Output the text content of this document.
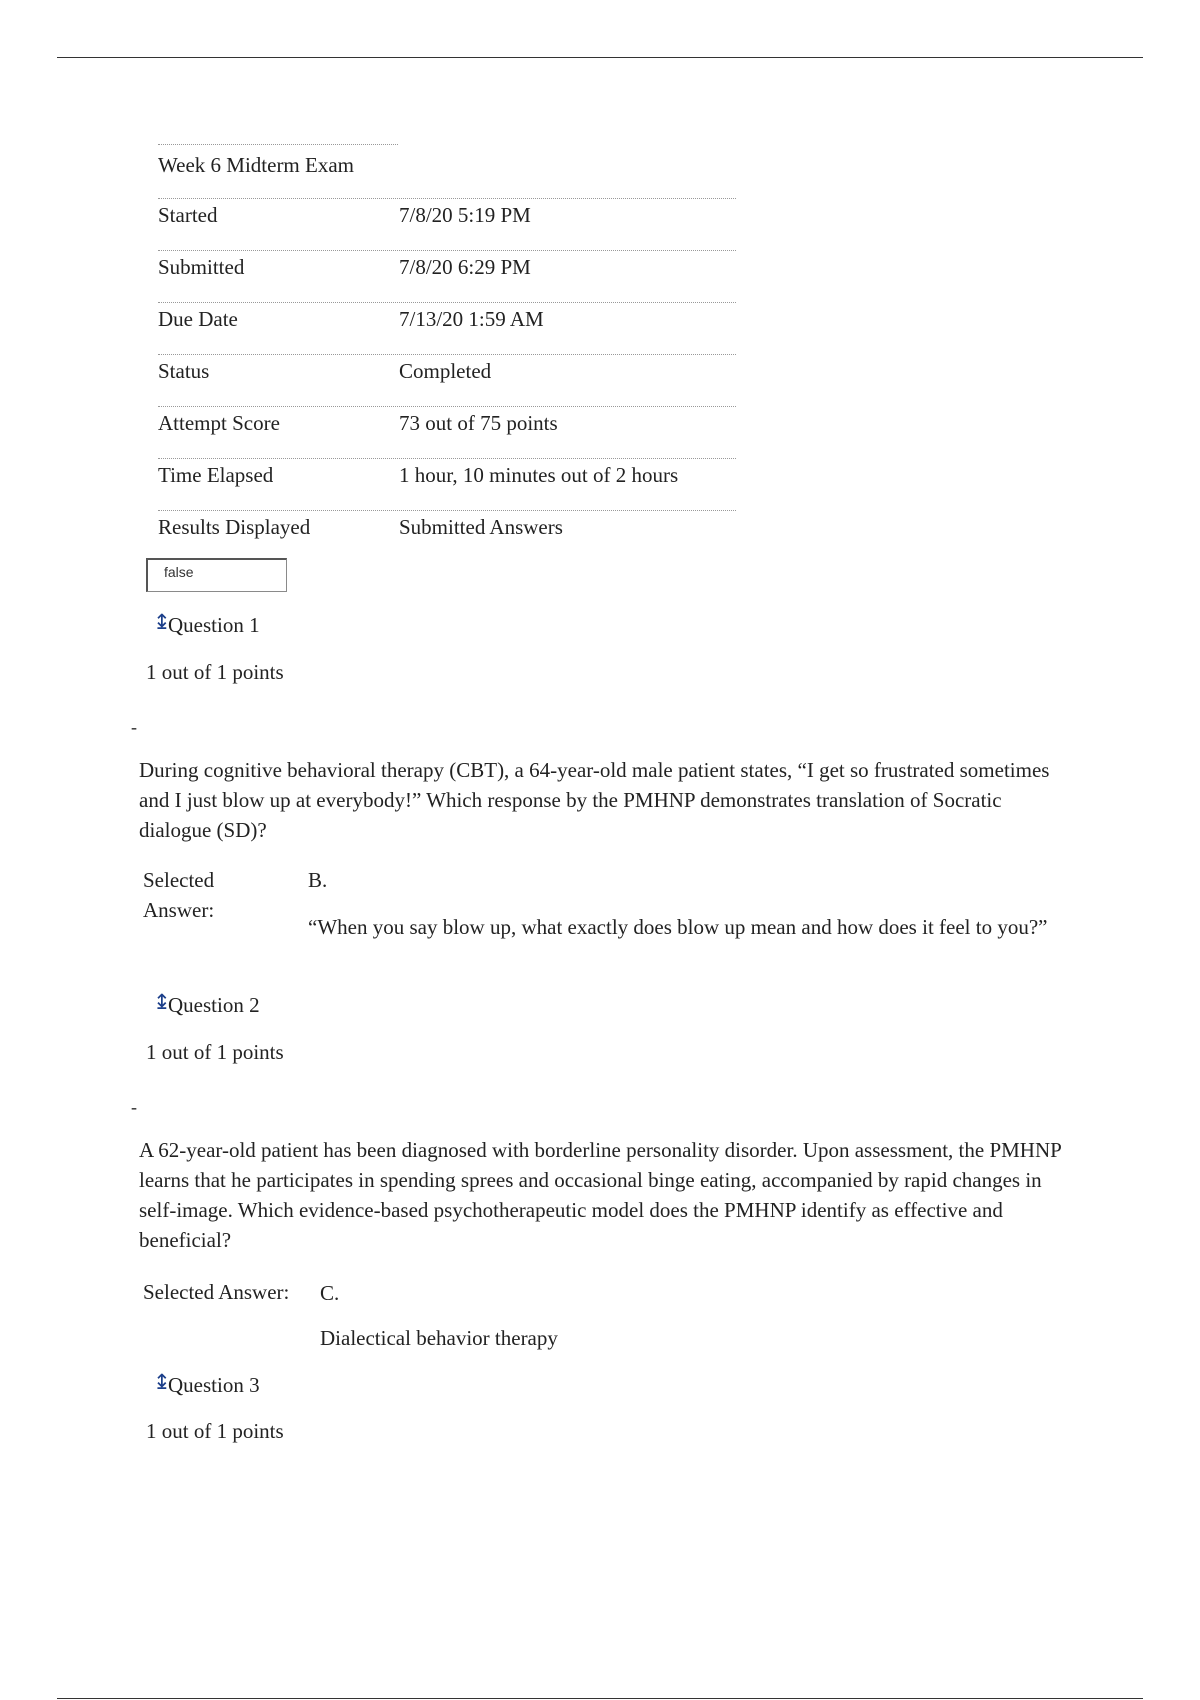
Week 6 Midterm Exam
Started	7/8/20 5:19 PM
Submitted	7/8/20 6:29 PM
Due Date	7/13/20 1:59 AM
Status	Completed
Attempt Score	73 out of 75 points
Time Elapsed	1 hour, 10 minutes out of 2 hours
Results Displayed	Submitted Answers
false
↨
Question 1
1 out of 1 points
-
During cognitive behavioral therapy (CBT), a 64-year-old male patient states, “I get so frustrated sometimes and I just blow up at everybody!” Which response by the PMHNP demonstrates translation of Socratic dialogue (SD)?
Selected
Answer:
B.
“When you say blow up, what exactly does blow up mean and how does it feel to you?”
↨
Question 2
1 out of 1 points
-
A 62-year-old patient has been diagnosed with borderline personality disorder. Upon assessment, the PMHNP learns that he participates in spending sprees and occasional binge eating, accompanied by rapid changes in self-image. Which evidence-based psychotherapeutic model does the PMHNP identify as effective and beneficial?
Selected Answer: C.
Dialectical behavior therapy
↨
Question 3
1 out of 1 points
